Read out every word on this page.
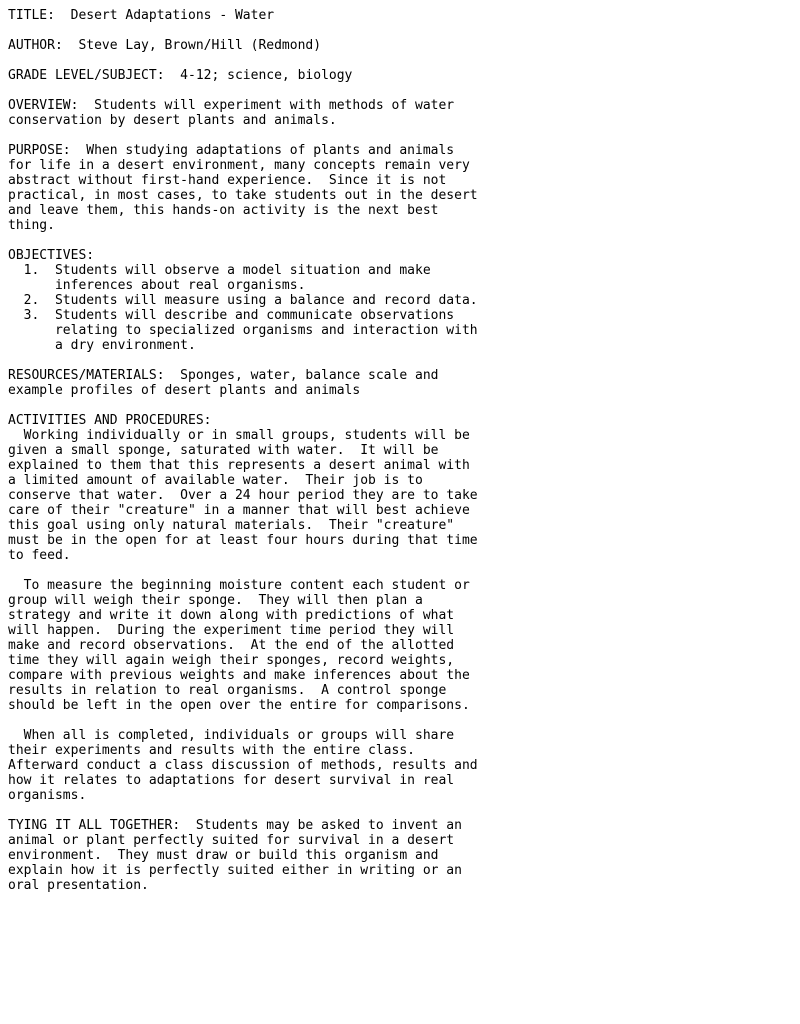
TITLE:  Desert Adaptations - Water

AUTHOR:  Steve Lay, Brown/Hill (Redmond)

GRADE LEVEL/SUBJECT:  4-12; science, biology

OVERVIEW:  Students will experiment with methods of water
conservation by desert plants and animals.

PURPOSE:  When studying adaptations of plants and animals
for life in a desert environment, many concepts remain very
abstract without first-hand experience.  Since it is not
practical, in most cases, to take students out in the desert
and leave them, this hands-on activity is the next best
thing.

OBJECTIVES:
1.  Students will observe a model situation and make
inferences about real organisms.
2.  Students will measure using a balance and record data.
3.  Students will describe and communicate observations
relating to specialized organisms and interaction with
a dry environment.

RESOURCES/MATERIALS:  Sponges, water, balance scale and
example profiles of desert plants and animals

ACTIVITIES AND PROCEDURES:
Working individually or in small groups, students will be
given a small sponge, saturated with water.  It will be
explained to them that this represents a desert animal with
a limited amount of available water.  Their job is to
conserve that water.  Over a 24 hour period they are to take
care of their "creature" in a manner that will best achieve
this goal using only natural materials.  Their "creature"
must be in the open for at least four hours during that time
to feed.

To measure the beginning moisture content each student or
group will weigh their sponge.  They will then plan a
strategy and write it down along with predictions of what
will happen.  During the experiment time period they will
make and record observations.  At the end of the allotted
time they will again weigh their sponges, record weights,
compare with previous weights and make inferences about the
results in relation to real organisms.  A control sponge
should be left in the open over the entire for comparisons.

When all is completed, individuals or groups will share
their experiments and results with the entire class.
Afterward conduct a class discussion of methods, results and
how it relates to adaptations for desert survival in real
organisms.

TYING IT ALL TOGETHER:  Students may be asked to invent an
animal or plant perfectly suited for survival in a desert
environment.  They must draw or build this organism and
explain how it is perfectly suited either in writing or an
oral presentation.
